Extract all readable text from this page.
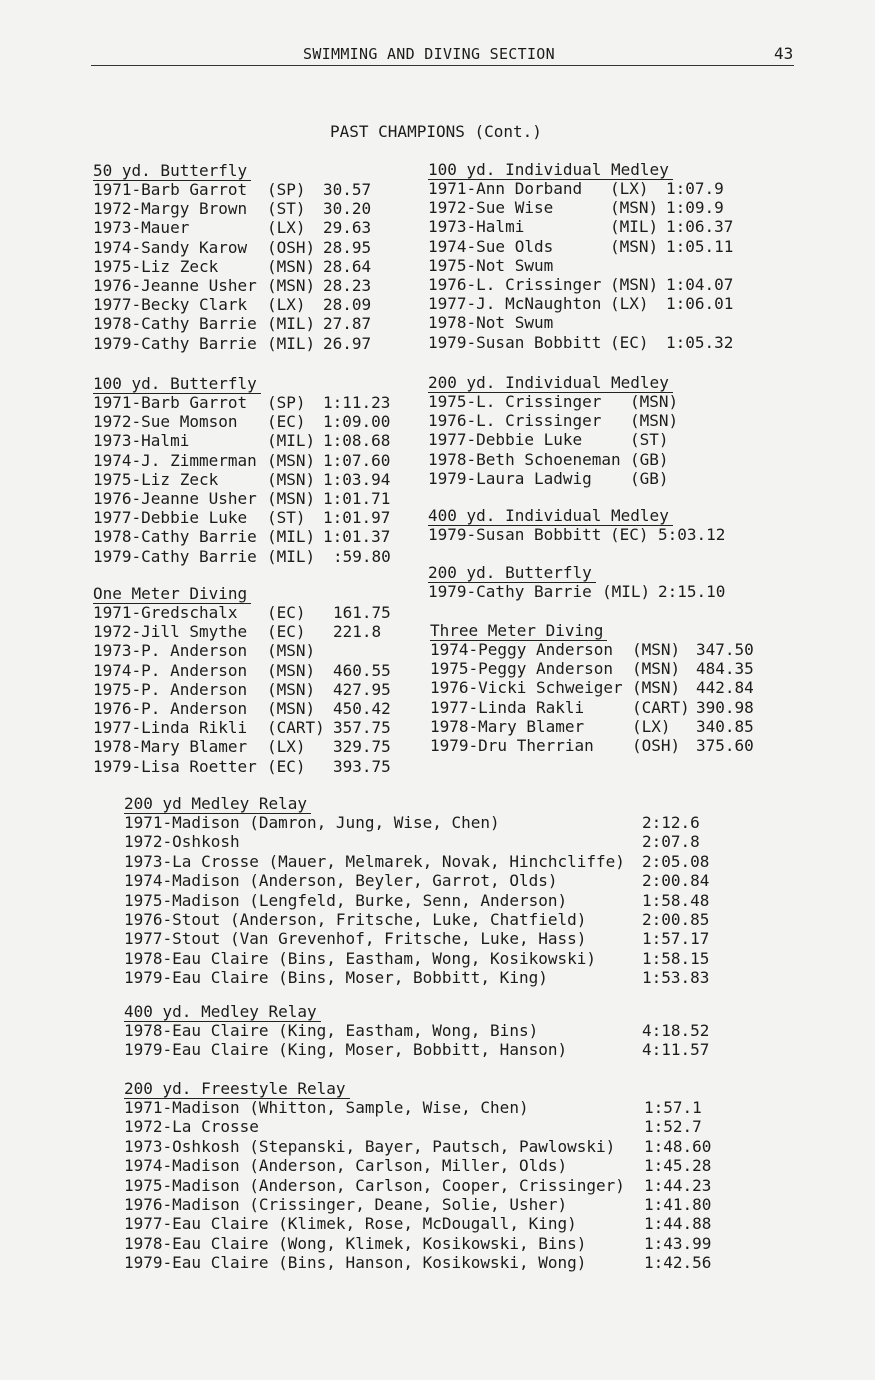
SWIMMING AND DIVING SECTION	43
PAST CHAMPIONS (Cont.)
50 yd. Butterfly
1971-Barb Garrot (SP) 30.57
1972-Margy Brown (ST) 30.20
1973-Mauer	(LX) 29.63
1974-Sandy Karow (OSH) 28.95
1975-Liz Zeck	(MSN) 28.64
1976-Jeanne Usher (MSN) 28.23
1977-Becky Clark (LX) 28.09
1978-Cathy Barrie (MIL) 27.87
1979-Cathy Barrie (MIL) 26.97
100 yd. Butterfly
1971-Barb Garrot (SP) 1:11.23
1972-Sue Momson (EC) 1:09.00
1973-Halmi	(MIL) 1:08.68
1974-J. Zimmerman (MSN) 1:07.60
1975-Liz Zeck	(MSN) 1:03.94
1976-Jeanne Usher (MSN) 1:01.71
1977-Debbie Luke (ST) 1:01.97
1978-Cathy Barrie (MIL) 1:01.37
1979-Cathy Barrie (MIL) :59.80
One Meter Diving
1971-Gredschalx (EC) 161.75
1972-Jill Smythe (EC) 221.8
1973-P. Anderson (MSN)
1974-P. Anderson (MSN) 460.55
1975-P. Anderson (MSN) 427.95
1976-P. Anderson (MSN) 450.42
1977-Linda Rikli (CART) 357.75
1978-Mary Blamer (LX) 329.75
1979-Lisa Roetter (EC) 393.75
100 yd. Individual Medley
1971-Ann Dorband (LX) 1:07.9
1972-Sue Wise	(MSN) 1:09.9
1973-Halmi	(MIL) 1:06.37
1974-Sue Olds	(MSN) 1:05.11
1975-Not Swum
1976-L. Crissinger (MSN) 1:04.07
1977-J. McNaughton (LX) 1:06.01
1978-Not Swum
1979-Susan Bobbitt (EC) 1:05.32
200 yd. Individual Medley
1975-L. Crissinger (MSN)
1976-L. Crissinger (MSN)
1977-Debbie Luke	(ST)
1978-Beth Schoeneman (GB)
1979-Laura Ladwig (GB)
400 yd. Individual Medley
1979-Susan Bobbitt (EC) 5:03.12
200 yd. Butterfly
1979-Cathy Barrie (MIL) 2:15.10
Three Meter Diving
1974-Peggy Anderson (MSN) 347.50
1975-Peggy Anderson (MSN) 484.35
1976-Vicki Schweiger (MSN) 442.84
1977-Linda Rakli	(CART) 390.98
1978-Mary Blamer	(LX) 340.85
1979-Dru Therrian (OSH) 375.60
200 yd Medley Relay
1971-Madison (Damron, Jung, Wise, Chen)	2:12.6
1972-Oshkosh	2:07.8
1973-La Crosse (Mauer, Melmarek, Novak, Hinchcliffe) 2:05.08
1974-Madison (Anderson, Beyler, Garrot, Olds)	2:00.84
1975-Madison (Lengfeld, Burke, Senn, Anderson)	1:58.48
1976-Stout (Anderson, Fritsche, Luke, Chatfield)	2:00.85
1977-Stout (Van Grevenhof, Fritsche, Luke, Hass)	1:57.17
1978-Eau Claire (Bins, Eastham, Wong, Kosikowski)	1:58.15
1979-Eau Claire (Bins, Moser, Bobbitt, King)	1:53.83
400 yd. Medley Relay
1978-Eau Claire (King, Eastham, Wong, Bins)	4:18.52
1979-Eau Claire (King, Moser, Bobbitt, Hanson)	4:11.57
200 yd. Freestyle Relay
1971-Madison (Whitton, Sample, Wise, Chen)	1:57.1
1972-La Crosse	1:52.7
1973-Oshkosh (Stepanski, Bayer, Pautsch, Pawlowski) 1:48.60
1974-Madison (Anderson, Carlson, Miller, Olds)	1:45.28
1975-Madison (Anderson, Carlson, Cooper, Crissinger) 1:44.23
1976-Madison (Crissinger, Deane, Solie, Usher)	1:41.80
1977-Eau Claire (Klimek, Rose, McDougall, King)	1:44.88
1978-Eau Claire (Wong, Klimek, Kosikowski, Bins)	1:43.99
1979-Eau Claire (Bins, Hanson, Kosikowski, Wong)	1:42.56
